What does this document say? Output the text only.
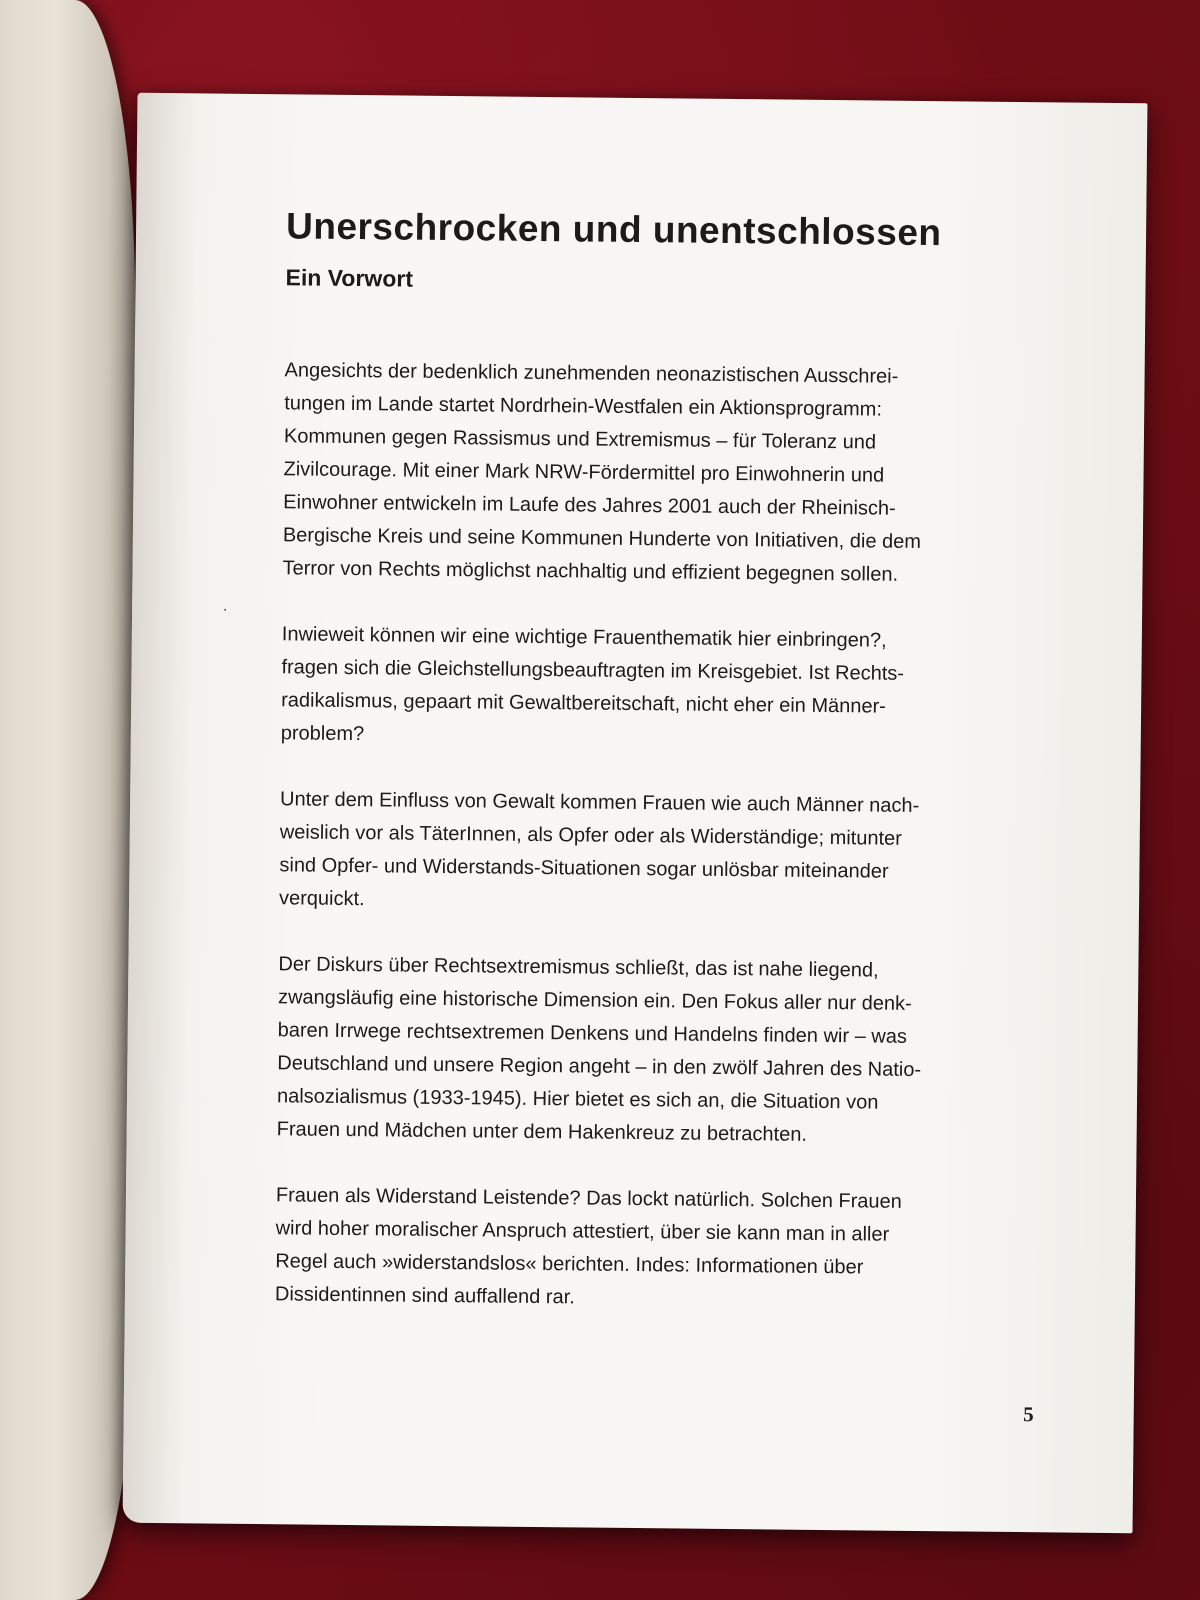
Unerschrocken und unentschlossen
Ein Vorwort

Angesichts der bedenklich zunehmenden neonazistischen Ausschrei-
tungen im Lande startet Nordrhein-Westfalen ein Aktionsprogramm:
Kommunen gegen Rassismus und Extremismus – für Toleranz und
Zivilcourage. Mit einer Mark NRW-Fördermittel pro Einwohnerin und
Einwohner entwickeln im Laufe des Jahres 2001 auch der Rheinisch-
Bergische Kreis und seine Kommunen Hunderte von Initiativen, die dem
Terror von Rechts möglichst nachhaltig und effizient begegnen sollen.

Inwieweit können wir eine wichtige Frauenthematik hier einbringen?,
fragen sich die Gleichstellungsbeauftragten im Kreisgebiet. Ist Rechts-
radikalismus, gepaart mit Gewaltbereitschaft, nicht eher ein Männer-
problem?

Unter dem Einfluss von Gewalt kommen Frauen wie auch Männer nach-
weislich vor als TäterInnen, als Opfer oder als Widerständige; mitunter
sind Opfer- und Widerstands-Situationen sogar unlösbar miteinander
verquickt.

Der Diskurs über Rechtsextremismus schließt, das ist nahe liegend,
zwangsläufig eine historische Dimension ein. Den Fokus aller nur denk-
baren Irrwege rechtsextremen Denkens und Handelns finden wir – was
Deutschland und unsere Region angeht – in den zwölf Jahren des Natio-
nalsozialismus (1933-1945). Hier bietet es sich an, die Situation von
Frauen und Mädchen unter dem Hakenkreuz zu betrachten.

Frauen als Widerstand Leistende? Das lockt natürlich. Solchen Frauen
wird hoher moralischer Anspruch attestiert, über sie kann man in aller
Regel auch »widerstandslos« berichten. Indes: Informationen über
Dissidentinnen sind auffallend rar.

5
